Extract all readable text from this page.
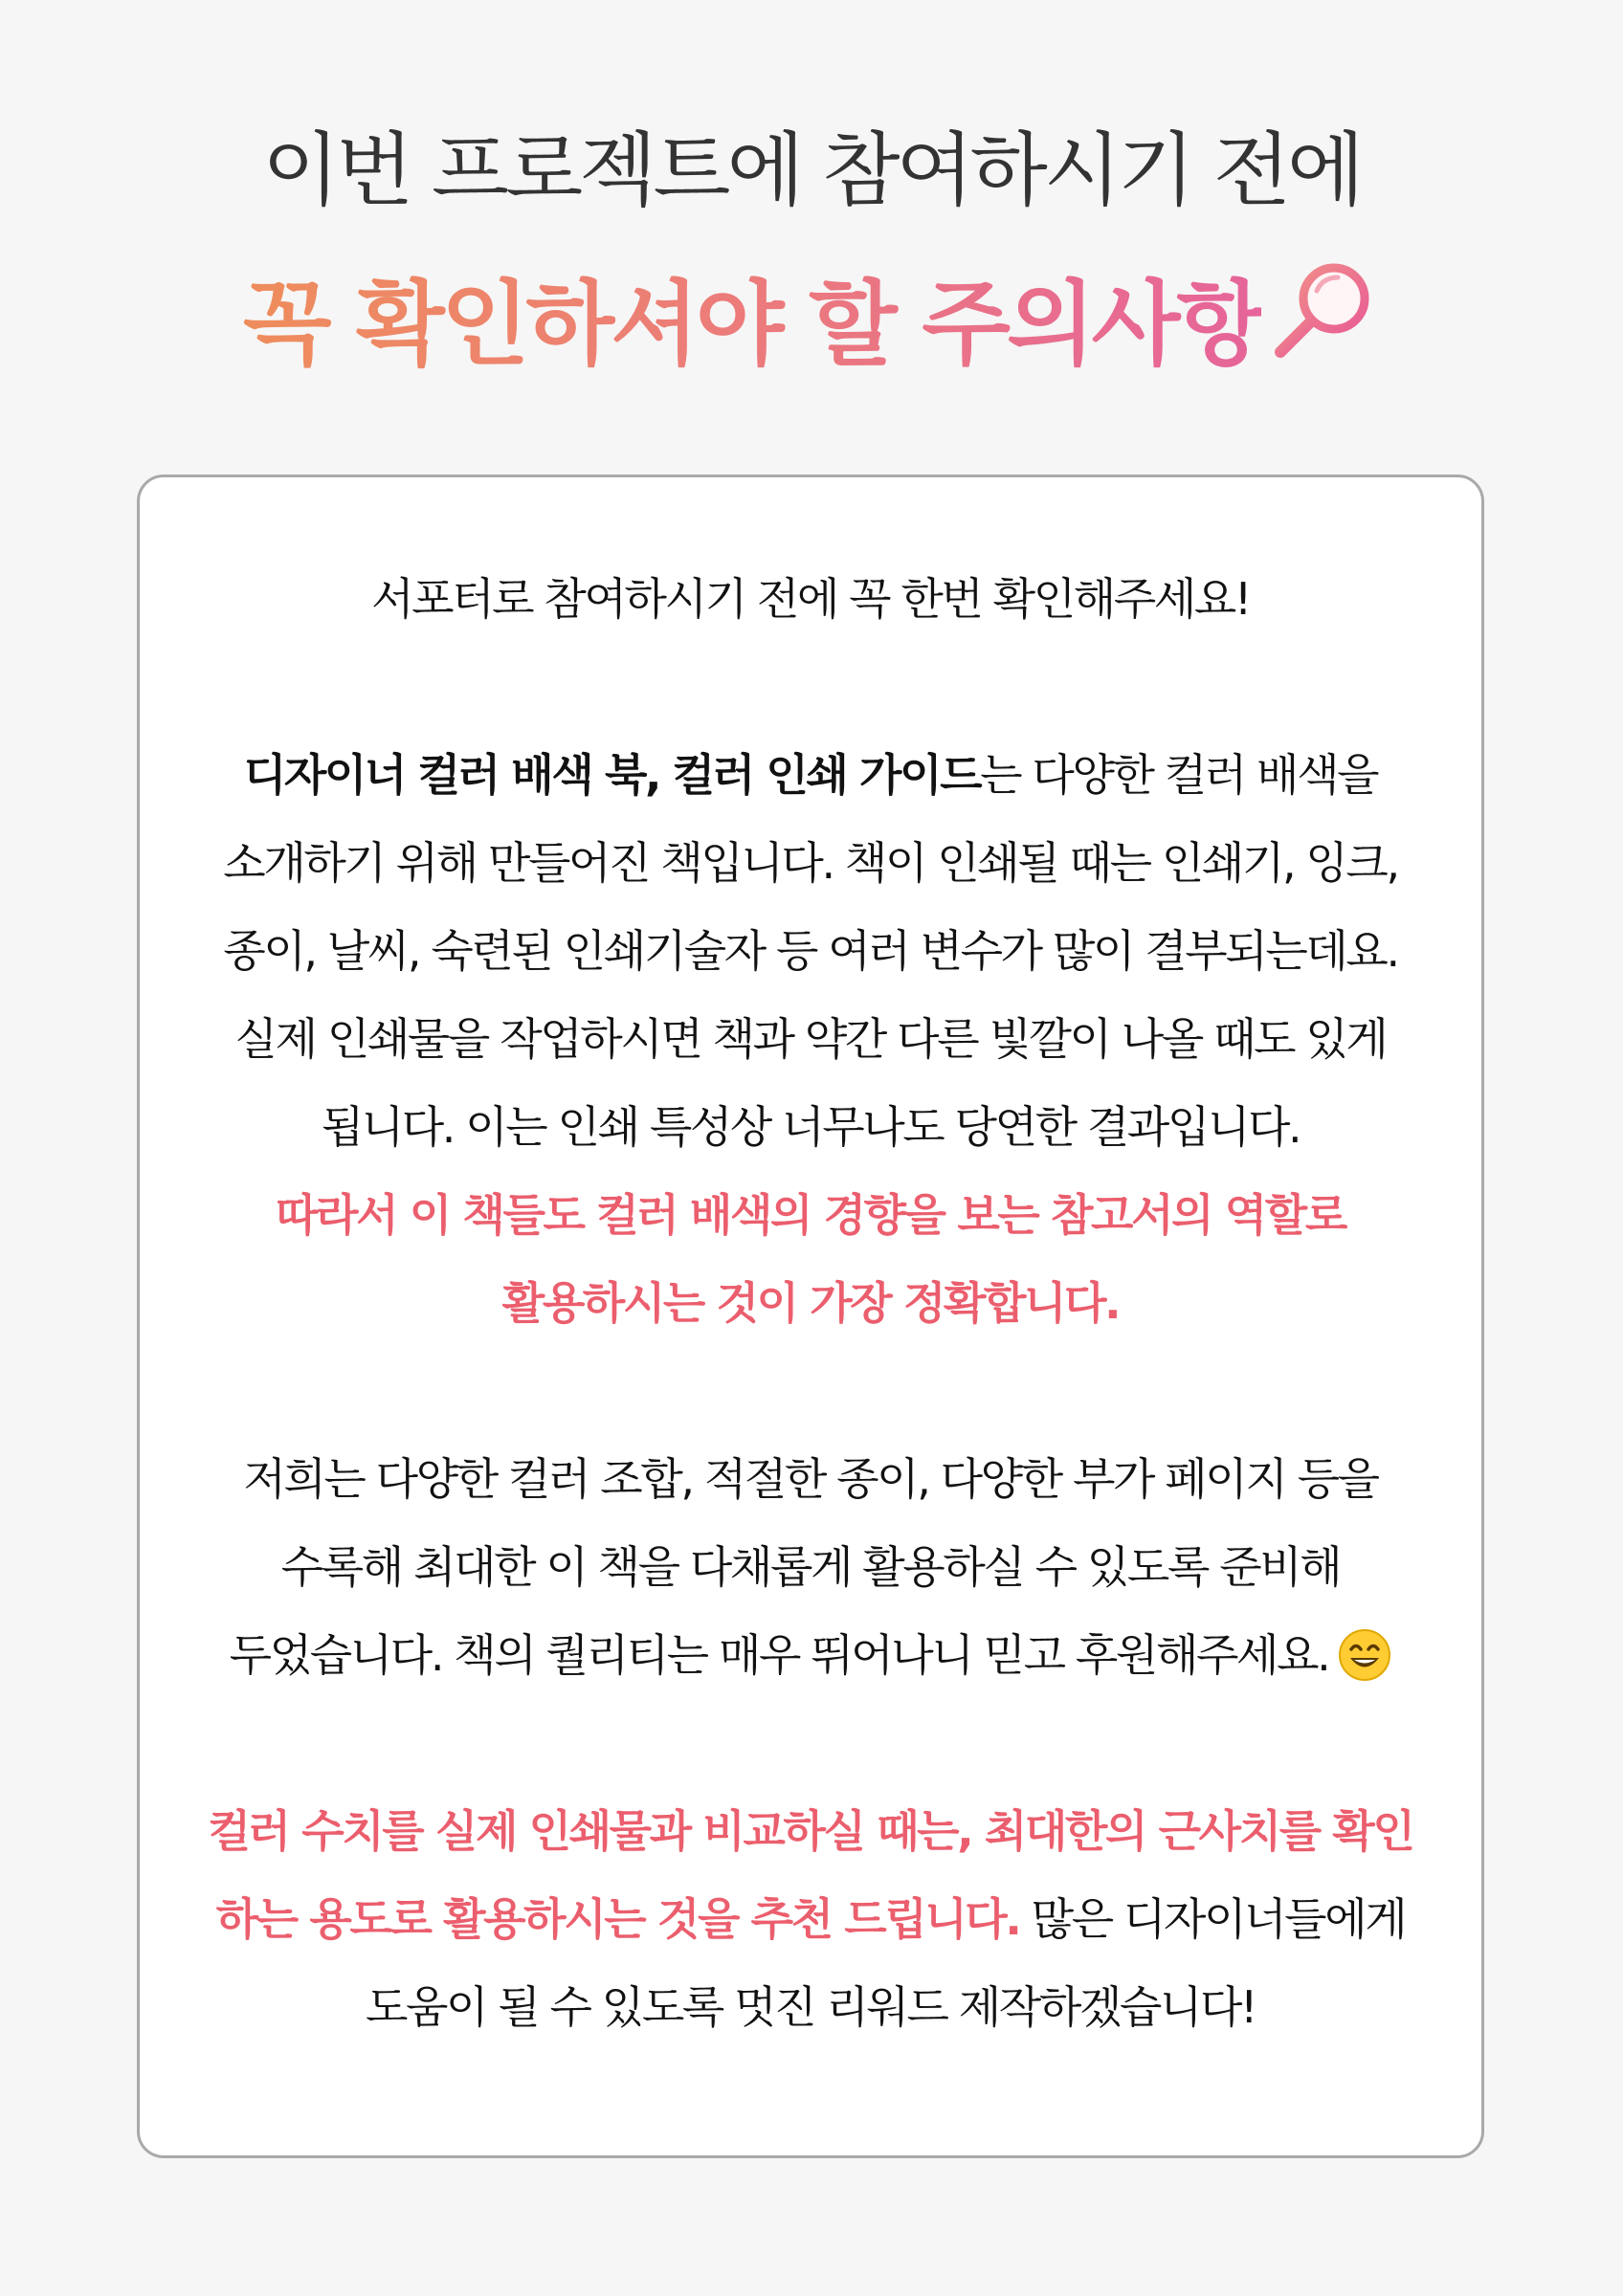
이번 프로젝트에 참여하시기 전에
꼭 확인하셔야 할 주의사항
서포터로 참여하시기 전에 꼭 한번 확인해주세요!
디자이너 컬러 배색 북, 컬러 인쇄 가이드는 다양한 컬러 배색을
소개하기 위해 만들어진 책입니다. 책이 인쇄될 때는 인쇄기, 잉크,
종이, 날씨, 숙련된 인쇄기술자 등 여러 변수가 많이 결부되는데요.
실제 인쇄물을 작업하시면 책과 약간 다른 빛깔이 나올 때도 있게
됩니다. 이는 인쇄 특성상 너무나도 당연한 결과입니다.
따라서 이 책들도 컬러 배색의 경향을 보는 참고서의 역할로
활용하시는 것이 가장 정확합니다.
저희는 다양한 컬러 조합, 적절한 종이, 다양한 부가 페이지 등을
수록해 최대한 이 책을 다채롭게 활용하실 수 있도록 준비해
두었습니다. 책의 퀄리티는 매우 뛰어나니 믿고 후원해주세요.
컬러 수치를 실제 인쇄물과 비교하실 때는, 최대한의 근사치를 확인
하는 용도로 활용하시는 것을 추천 드립니다. 많은 디자이너들에게
도움이 될 수 있도록 멋진 리워드 제작하겠습니다!
